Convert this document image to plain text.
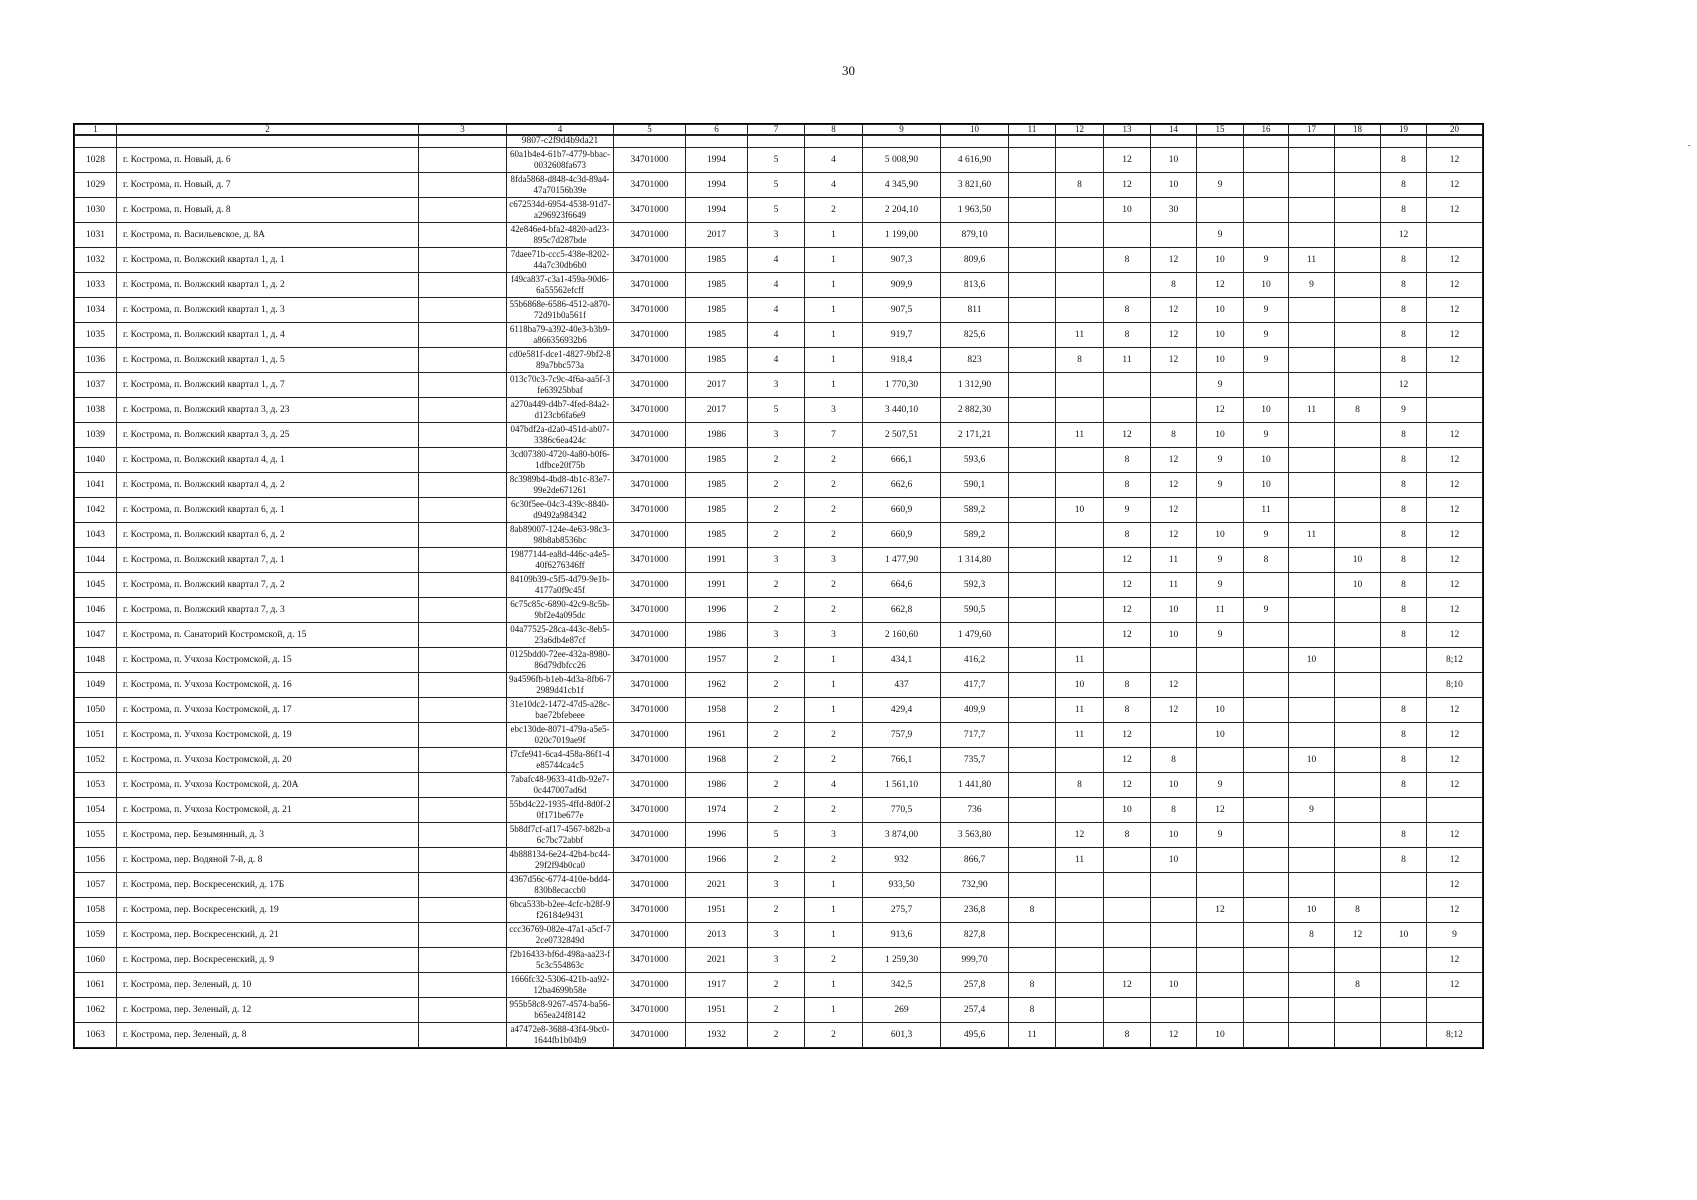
30
-
1	2	3	4	5	6	7	8	9	10	11	12	13	14	15	16	17	18	19	20
			9807-c2f9d4b9da21																
1028	г. Кострома, п. Новый, д. 6		60a1b4e4-61b7-4779-bbac-0032608fa673	34701000	1994	5	4	5 008,90	4 616,90			12	10					8	12
1029	г. Кострома, п. Новый, д. 7		8fda5868-d848-4c3d-89a4-47a70156b39e	34701000	1994	5	4	4 345,90	3 821,60		8	12	10	9				8	12
1030	г. Кострома, п. Новый, д. 8		c672534d-6954-4538-91d7-a296923f6649	34701000	1994	5	2	2 204,10	1 963,50			10	30					8	12
1031	г. Кострома, п. Васильевское, д. 8А		42e846e4-bfa2-4820-ad23-895c7d287bde	34701000	2017	3	1	1 199,00	879,10					9				12	
1032	г. Кострома, п. Волжский квартал 1, д. 1		7daee71b-ccc5-438e-8202-44a7c30db6b0	34701000	1985	4	1	907,3	809,6			8	12	10	9	11		8	12
1033	г. Кострома, п. Волжский квартал 1, д. 2		f49ca837-c3a1-459a-90d6-6a55562efcff	34701000	1985	4	1	909,9	813,6				8	12	10	9		8	12
1034	г. Кострома, п. Волжский квартал 1, д. 3		55b6868e-6586-4512-a870-72d91b0a561f	34701000	1985	4	1	907,5	811			8	12	10	9			8	12
1035	г. Кострома, п. Волжский квартал 1, д. 4		6118ba79-a392-40e3-b3b9-a866356932b6	34701000	1985	4	1	919,7	825,6		11	8	12	10	9			8	12
1036	г. Кострома, п. Волжский квартал 1, д. 5		cd0e581f-dce1-4827-9bf2-889a7bbc573a	34701000	1985	4	1	918,4	823		8	11	12	10	9			8	12
1037	г. Кострома, п. Волжский квартал 1, д. 7		013c70c3-7c9c-4f6a-aa5f-3fe63925bbaf	34701000	2017	3	1	1 770,30	1 312,90					9				12	
1038	г. Кострома, п. Волжский квартал 3, д. 23		a270a449-d4b7-4fed-84a2-d123cb6fa6e9	34701000	2017	5	3	3 440,10	2 882,30					12	10	11	8	9	
1039	г. Кострома, п. Волжский квартал 3, д. 25		047bdf2a-d2a0-451d-ab07-3386c6ea424c	34701000	1986	3	7	2 507,51	2 171,21		11	12	8	10	9			8	12
1040	г. Кострома, п. Волжский квартал 4, д. 1		3cd07380-4720-4a80-b0f6-1dfbce20f75b	34701000	1985	2	2	666,1	593,6			8	12	9	10			8	12
1041	г. Кострома, п. Волжский квартал 4, д. 2		8c3989b4-4bd8-4b1c-83e7-99e2de671261	34701000	1985	2	2	662,6	590,1			8	12	9	10			8	12
1042	г. Кострома, п. Волжский квартал 6, д. 1		6c30f5ee-04c3-439c-8840-d9492a984342	34701000	1985	2	2	660,9	589,2		10	9	12		11			8	12
1043	г. Кострома, п. Волжский квартал 6, д. 2		8ab89007-124e-4e63-98c3-98b8ab8536bc	34701000	1985	2	2	660,9	589,2			8	12	10	9	11		8	12
1044	г. Кострома, п. Волжский квартал 7, д. 1		19877144-ea8d-446c-a4e5-40f6276346ff	34701000	1991	3	3	1 477,90	1 314,80			12	11	9	8		10	8	12
1045	г. Кострома, п. Волжский квартал 7, д. 2		84109b39-c5f5-4d79-9e1b-4177a0f9c45f	34701000	1991	2	2	664,6	592,3			12	11	9			10	8	12
1046	г. Кострома, п. Волжский квартал 7, д. 3		6c75c85c-6890-42c9-8c5b-9bf2e4a095dc	34701000	1996	2	2	662,8	590,5			12	10	11	9			8	12
1047	г. Кострома, п. Санаторий Костромской, д. 15		04a77525-28ca-443c-8eb5-23a6db4e87cf	34701000	1986	3	3	2 160,60	1 479,60			12	10	9				8	12
1048	г. Кострома, п. Учхоза Костромской, д. 15		0125bdd0-72ee-432a-8980-86d79dbfcc26	34701000	1957	2	1	434,1	416,2		11					10			8;12
1049	г. Кострома, п. Учхоза Костромской, д. 16		9a4596fb-b1eb-4d3a-8fb6-72989d41cb1f	34701000	1962	2	1	437	417,7		10	8	12						8;10
1050	г. Кострома, п. Учхоза Костромской, д. 17		31e10dc2-1472-47d5-a28c-bae72bfebeee	34701000	1958	2	1	429,4	409,9		11	8	12	10				8	12
1051	г. Кострома, п. Учхоза Костромской, д. 19		ebc130de-8071-479a-a5e5-020c7019ae9f	34701000	1961	2	2	757,9	717,7		11	12		10				8	12
1052	г. Кострома, п. Учхоза Костромской, д. 20		f7cfe941-6ca4-458a-86f1-4e85744ca4c5	34701000	1968	2	2	766,1	735,7			12	8			10		8	12
1053	г. Кострома, п. Учхоза Костромской, д. 20А		7abafc48-9633-41db-92e7-0c447007ad6d	34701000	1986	2	4	1 561,10	1 441,80		8	12	10	9				8	12
1054	г. Кострома, п. Учхоза Костромской, д. 21		55bd4c22-1935-4ffd-8d0f-20f171be677e	34701000	1974	2	2	770,5	736			10	8	12		9			
1055	г. Кострома, пер. Безымянный, д. 3		5b8df7cf-af17-4567-b82b-a6c7bc72abbf	34701000	1996	5	3	3 874,00	3 563,80		12	8	10	9				8	12
1056	г. Кострома, пер. Водяной 7-й, д. 8		4b888134-6e24-42b4-bc44-29f2f94b0ca0	34701000	1966	2	2	932	866,7		11		10					8	12
1057	г. Кострома, пер. Воскресенский, д. 17Б		4367d56c-6774-410e-bdd4-830b8ecaccb0	34701000	2021	3	1	933,50	732,90										12
1058	г. Кострома, пер. Воскресенский, д. 19		6bca533b-b2ee-4cfc-b28f-9f26184e9431	34701000	1951	2	1	275,7	236,8	8				12		10	8		12
1059	г. Кострома, пер. Воскресенский, д. 21		ccc36769-082e-47a1-a5cf-72ce0732849d	34701000	2013	3	1	913,6	827,8							8	12	10	9
1060	г. Кострома, пер. Воскресенский, д. 9		f2b16433-bf6d-498a-aa23-f5c3c554863c	34701000	2021	3	2	1 259,30	999,70										12
1061	г. Кострома, пер. Зеленый, д. 10		1666fc32-5306-421b-aa92-12ba4699b58e	34701000	1917	2	1	342,5	257,8	8		12	10				8		12
1062	г. Кострома, пер. Зеленый, д. 12		955b58c8-9267-4574-ba56-b65ea24f8142	34701000	1951	2	1	269	257,4	8									
1063	г. Кострома, пер. Зеленый, д. 8		a47472e8-3688-43f4-9bc0-1644fb1b04b9	34701000	1932	2	2	601,3	495,6	11		8	12	10					8;12
